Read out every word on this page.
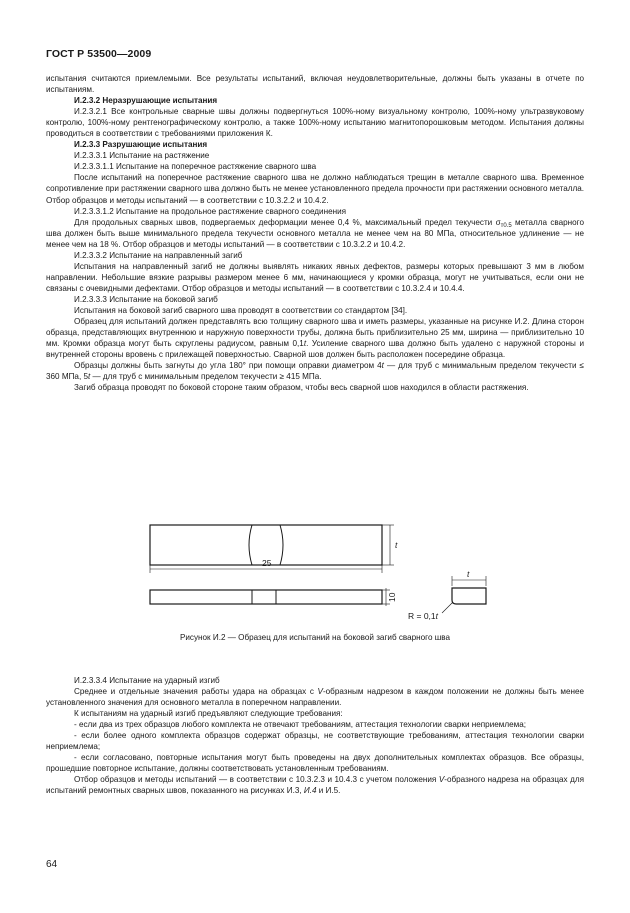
ГОСТ Р 53500—2009

испытания считаются приемлемыми. Все результаты испытаний, включая неудовлетворительные, должны быть указаны в отчете по испытаниям.

И.2.3.2 Неразрушающие испытания

И.2.3.2.1 Все контрольные сварные швы должны подвергнуться 100%-ному визуальному контролю, 100%-ному ультразвуковому контролю, 100%-ному рентгенографическому контролю, а также 100%-ному испытанию магнитопорошковым методом. Испытания должны проводиться в соответствии с требованиями приложения К.

И.2.3.3 Разрушающие испытания

И.2.3.3.1 Испытание на растяжение

И.2.3.3.1.1 Испытание на поперечное растяжение сварного шва

После испытаний на поперечное растяжение сварного шва не должно наблюдаться трещин в металле сварного шва. Временное сопротивление при растяжении сварного шва должно быть не менее установленного предела прочности при растяжении основного металла. Отбор образцов и методы испытаний — в соответствии с 10.3.2.2 и 10.4.2.

И.2.3.3.1.2 Испытание на продольное растяжение сварного соединения

Для продольных сварных швов, подвергаемых деформации менее 0,4 %, максимальный предел текучести $\sigma_{т0.5}$ металла сварного шва должен быть выше минимального предела текучести основного металла не менее чем на 80 МПа, относительное удлинение — не менее чем на 18 %. Отбор образцов и методы испытаний — в соответствии с 10.3.2.2 и 10.4.2.

И.2.3.3.2 Испытание на направленный загиб

Испытания на направленный загиб не должны выявлять никаких явных дефектов, размеры которых превышают 3 мм в любом направлении. Небольшие вязкие разрывы размером менее 6 мм, начинающиеся у кромки образца, могут не учитываться, если они не связаны с очевидными дефектами. Отбор образцов и методы испытаний — в соответствии с 10.3.2.4 и 10.4.4.

И.2.3.3.3 Испытание на боковой загиб

Испытания на боковой загиб сварного шва проводят в соответствии со стандартом [34].

Образец для испытаний должен представлять всю толщину сварного шва и иметь размеры, указанные на рисунке И.2. Длина сторон образца, представляющих внутреннюю и наружную поверхности трубы, должна быть приблизительно 25 мм, ширина — приблизительно 10 мм. Кромки образца могут быть скруглены радиусом, равным 0,1t. Усиление сварного шва должно быть удалено с наружной стороны и внутренней стороны вровень с прилежащей поверхностью. Сварной шов должен быть расположен посередине образца.

Образцы должны быть загнуты до угла 180° при помощи оправки диаметром 4t — для труб с минимальным пределом текучести ≤ 360 МПа, 5t — для труб с минимальным пределом текучести ≥ 415 МПа.

Загиб образца проводят по боковой стороне таким образом, чтобы весь сварной шов находился в области растяжения.

t
25
10
t
R = 0,1t
Рисунок И.2 — Образец для испытаний на боковой загиб сварного шва

И.2.3.3.4 Испытание на ударный изгиб

Среднее и отдельные значения работы удара на образцах с V-образным надрезом в каждом положении не должны быть менее установленного значения для основного металла в поперечном направлении.

К испытаниям на ударный изгиб предъявляют следующие требования:

- если два из трех образцов любого комплекта не отвечают требованиям, аттестация технологии сварки неприемлема;

- если более одного комплекта образцов содержат образцы, не соответствующие требованиям, аттестация технологии сварки неприемлема;

- если согласовано, повторные испытания могут быть проведены на двух дополнительных комплектах образцов. Все образцы, прошедшие повторное испытание, должны соответствовать установленным требованиям.

Отбор образцов и методы испытаний — в соответствии с 10.3.2.3 и 10.4.3 с учетом положения V-образного надреза на образцах для испытаний ремонтных сварных швов, показанного на рисунках И.3, И.4 и И.5.

64
